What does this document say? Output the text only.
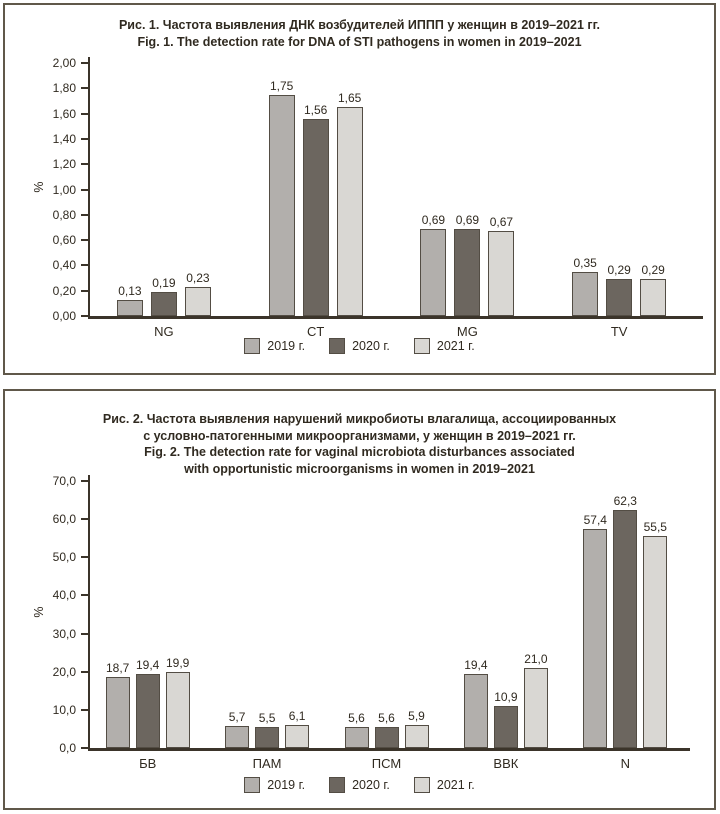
Рис. 1. Частота выявления ДНК возбудителей ИППП у женщин в 2019–2021 гг.
Fig. 1. The detection rate for DNA of STI pathogens in women in 2019–2021
0,00
0,20
0,40
0,60
0,80
1,00
1,20
1,40
1,60
1,80
2,00
%
0,13
0,19 0,23
NG
1,75
1,56
1,65
CT
0,69 0,69 0,67
MG
0,35
0,29 0,29
TV
2019 г.	2020 г.	2021 г.
Рис. 2. Частота выявления нарушений микробиоты влагалища, ассоциированных
с условно-патогенными микроорганизмами, у женщин в 2019–2021 гг.
Fig. 2. The detection rate for vaginal microbiota disturbances associated
with opportunistic microorganisms in women in 2019–2021
0,0
10,0
20,0
30,0
40,0
50,0
60,0
70,0
%
18,7 19,4 19,9
БВ
5,7	5,5	6,1
ПАМ
5,6	5,6	5,9
ПСМ
19,4
10,9
21,0
ВВК
57,4
62,3
55,5
N
2019 г.	2020 г.	2021 г.
